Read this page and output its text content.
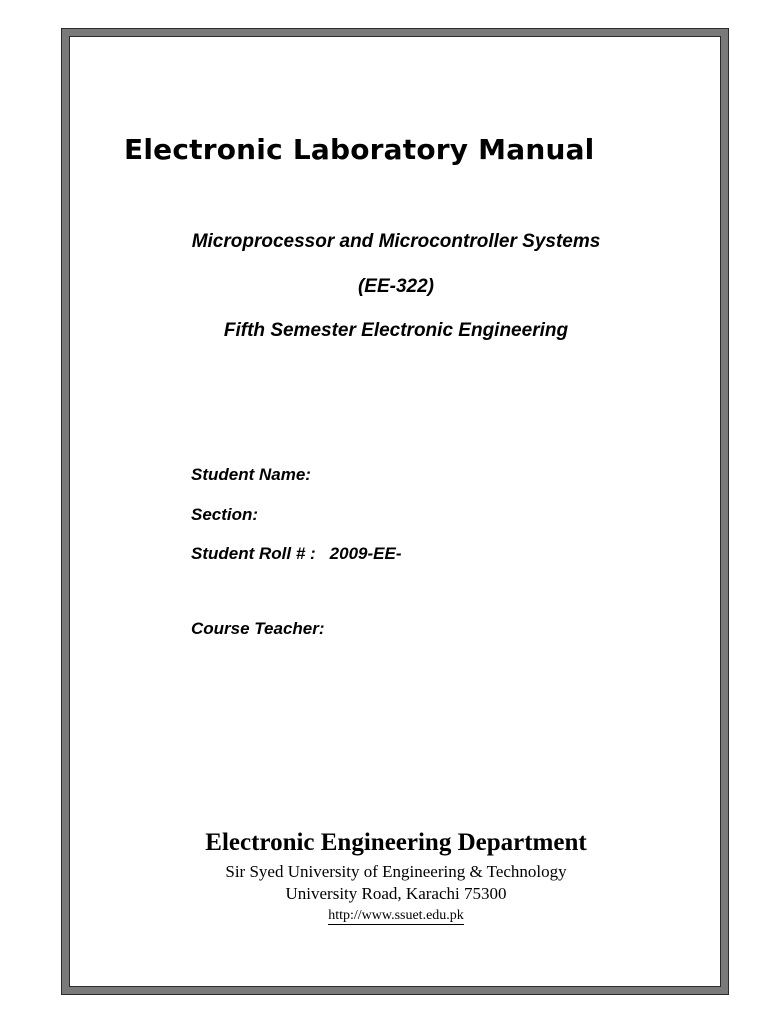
Electronic Laboratory Manual
Microprocessor and Microcontroller Systems
(EE-322)
Fifth Semester Electronic Engineering
Student Name:
Section:
Student Roll # : 2009-EE-
Course Teacher:
Electronic Engineering Department
Sir Syed University of Engineering & Technology
University Road, Karachi 75300
http://www.ssuet.edu.pk
